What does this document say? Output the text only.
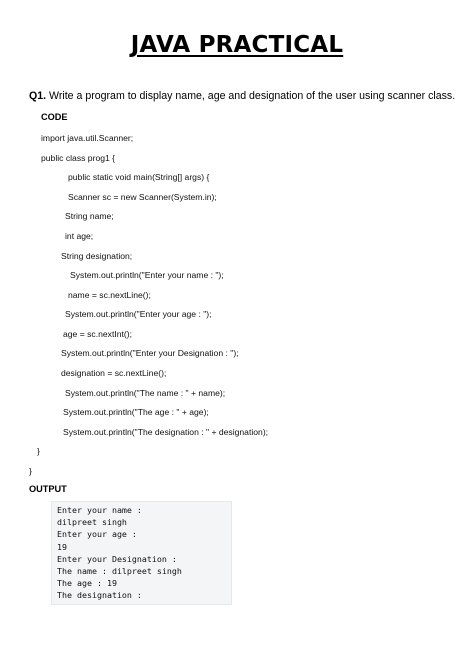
JAVA PRACTICAL
Q1. Write a program to display name, age and designation of the user using scanner class.
CODE
import java.util.Scanner;
public class prog1 {
public static void main(String[] args) {
Scanner sc = new Scanner(System.in);
String name;
int age;
String designation;
System.out.println("Enter your name : ");
name = sc.nextLine();
System.out.println("Enter your age : ");
age = sc.nextInt();
System.out.println("Enter your Designation : ");
designation = sc.nextLine();
System.out.println("The name : " + name);
System.out.println("The age : " + age);
System.out.println("The designation : " + designation);
}
}
OUTPUT
Enter your name :
dilpreet singh
Enter your age :
19
Enter your Designation :
The name : dilpreet singh
The age : 19
The designation :
